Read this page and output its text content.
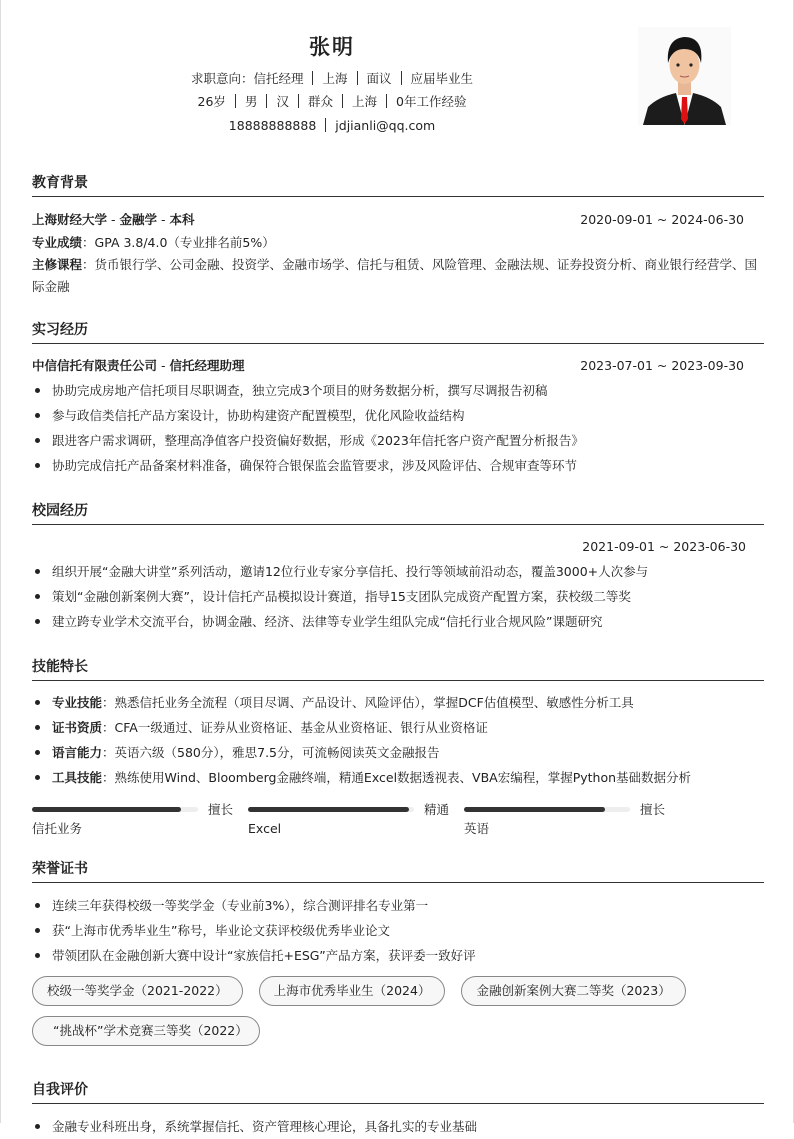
张明
求职意向：信托经理 上海 面议 应届毕业生
26岁 男 汉 群众 上海 0年工作经验
18888888888 jdjianli@qq.com
教育背景
上海财经大学 - 金融学 - 本科	2020-09-01 ~ 2024-06-30
专业成绩：GPA 3.8/4.0（专业排名前5%）
主修课程：货币银行学、公司金融、投资学、金融市场学、信托与租赁、风险管理、金融法规、证券投资分析、商业银行经营学、国际金融
实习经历
中信信托有限责任公司 - 信托经理助理	2023-07-01 ~ 2023-09-30
协助完成房地产信托项目尽职调查，独立完成3个项目的财务数据分析，撰写尽调报告初稿
参与政信类信托产品方案设计，协助构建资产配置模型，优化风险收益结构
跟进客户需求调研，整理高净值客户投资偏好数据，形成《2023年信托客户资产配置分析报告》
协助完成信托产品备案材料准备，确保符合银保监会监管要求，涉及风险评估、合规审查等环节
校园经历
2021-09-01 ~ 2023-06-30
组织开展“金融大讲堂”系列活动，邀请12位行业专家分享信托、投行等领域前沿动态，覆盖3000+人次参与
策划“金融创新案例大赛”，设计信托产品模拟设计赛道，指导15支团队完成资产配置方案，获校级二等奖
建立跨专业学术交流平台，协调金融、经济、法律等专业学生组队完成“信托行业合规风险”课题研究
技能特长
专业技能：熟悉信托业务全流程（项目尽调、产品设计、风险评估），掌握DCF估值模型、敏感性分析工具
证书资质：CFA一级通过、证券从业资格证、基金从业资格证、银行从业资格证
语言能力：英语六级（580分），雅思7.5分，可流畅阅读英文金融报告
工具技能：熟练使用Wind、Bloomberg金融终端，精通Excel数据透视表、VBA宏编程，掌握Python基础数据分析
擅长
信托业务
精通
Excel
擅长
英语
荣誉证书
连续三年获得校级一等奖学金（专业前3%），综合测评排名专业第一
获“上海市优秀毕业生”称号，毕业论文获评校级优秀毕业论文
带领团队在金融创新大赛中设计“家族信托+ESG”产品方案，获评委一致好评
校级一等奖学金（2021-2022）	上海市优秀毕业生（2024）	金融创新案例大赛二等奖（2023）
“挑战杯”学术竞赛三等奖（2022）
自我评价
金融专业科班出身，系统掌握信托、资产管理核心理论，具备扎实的专业基础
